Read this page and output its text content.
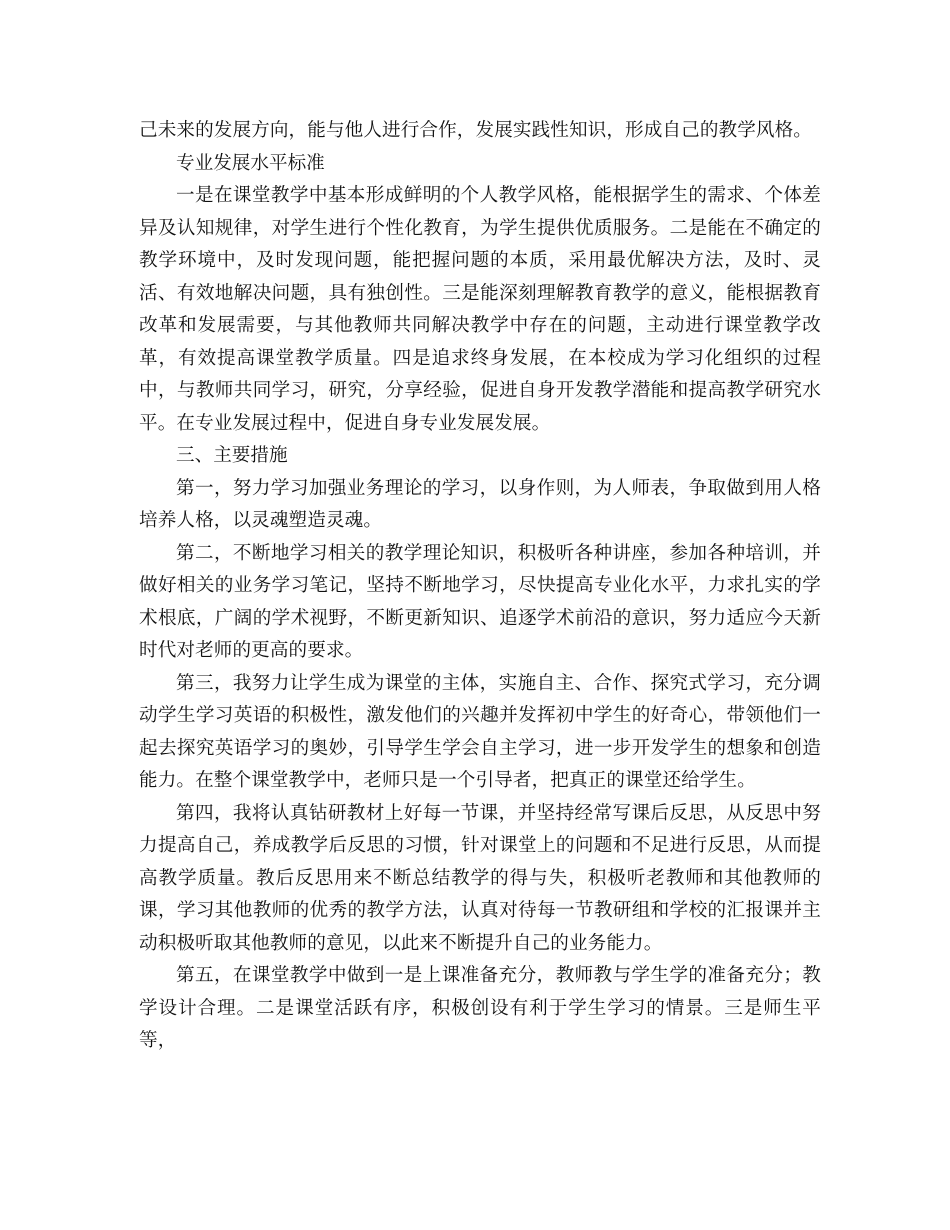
己未来的发展方向，能与他人进行合作，发展实践性知识，形成自己的教学风格。

专业发展水平标准

一是在课堂教学中基本形成鲜明的个人教学风格，能根据学生的需求、个体差异及认知规律，对学生进行个性化教育，为学生提供优质服务。二是能在不确定的教学环境中，及时发现问题，能把握问题的本质，采用最优解决方法，及时、灵活、有效地解决问题，具有独创性。三是能深刻理解教育教学的意义，能根据教育改革和发展需要，与其他教师共同解决教学中存在的问题，主动进行课堂教学改革，有效提高课堂教学质量。四是追求终身发展，在本校成为学习化组织的过程中，与教师共同学习，研究，分享经验，促进自身开发教学潜能和提高教学研究水平。在专业发展过程中，促进自身专业发展发展。

三、主要措施

第一，努力学习加强业务理论的学习，以身作则，为人师表，争取做到用人格培养人格，以灵魂塑造灵魂。

第二，不断地学习相关的教学理论知识，积极听各种讲座，参加各种培训，并做好相关的业务学习笔记，坚持不断地学习，尽快提高专业化水平，力求扎实的学术根底，广阔的学术视野，不断更新知识、追逐学术前沿的意识，努力适应今天新时代对老师的更高的要求。

第三，我努力让学生成为课堂的主体，实施自主、合作、探究式学习，充分调动学生学习英语的积极性，激发他们的兴趣并发挥初中学生的好奇心，带领他们一起去探究英语学习的奥妙，引导学生学会自主学习，进一步开发学生的想象和创造能力。在整个课堂教学中，老师只是一个引导者，把真正的课堂还给学生。

第四，我将认真钻研教材上好每一节课，并坚持经常写课后反思，从反思中努力提高自己，养成教学后反思的习惯，针对课堂上的问题和不足进行反思，从而提高教学质量。教后反思用来不断总结教学的得与失，积极听老教师和其他教师的课，学习其他教师的优秀的教学方法，认真对待每一节教研组和学校的汇报课并主动积极听取其他教师的意见，以此来不断提升自己的业务能力。

第五，在课堂教学中做到一是上课准备充分，教师教与学生学的准备充分；教学设计合理。二是课堂活跃有序，积极创设有利于学生学习的情景。三是师生平等，
